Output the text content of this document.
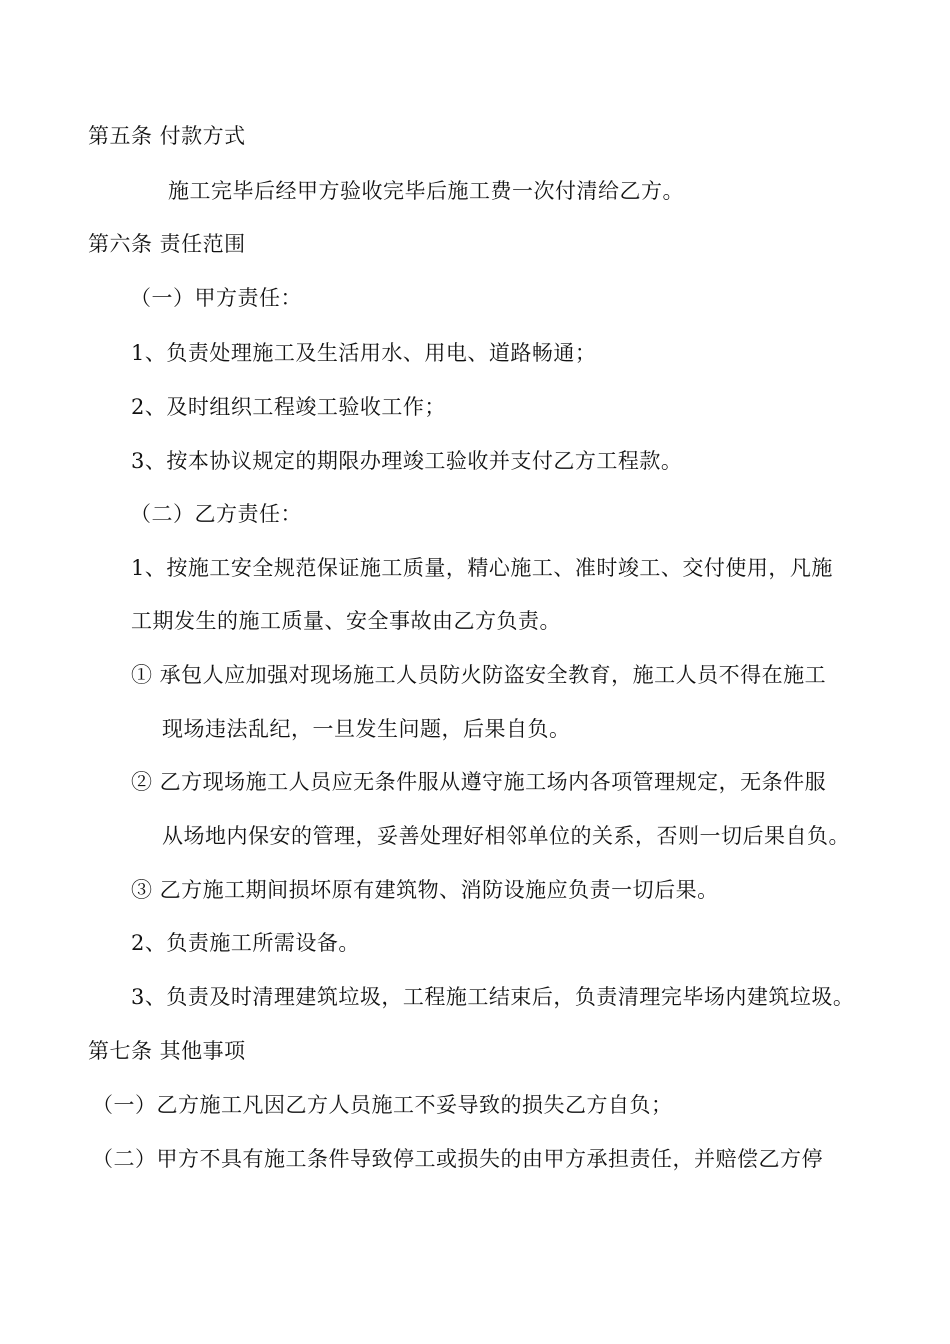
第五条 付款方式
施工完毕后经甲方验收完毕后施工费一次付清给乙方。
第六条 责任范围
（一）甲方责任：
1、负责处理施工及生活用水、用电、道路畅通；
2、及时组织工程竣工验收工作；
3、按本协议规定的期限办理竣工验收并支付乙方工程款。
（二）乙方责任：
1、按施工安全规范保证施工质量，精心施工、准时竣工、交付使用，凡施
工期发生的施工质量、安全事故由乙方负责。
① 承包人应加强对现场施工人员防火防盗安全教育，施工人员不得在施工
现场违法乱纪，一旦发生问题，后果自负。
② 乙方现场施工人员应无条件服从遵守施工场内各项管理规定，无条件服
从场地内保安的管理，妥善处理好相邻单位的关系，否则一切后果自负。
③ 乙方施工期间损坏原有建筑物、消防设施应负责一切后果。
2、负责施工所需设备。
3、负责及时清理建筑垃圾，工程施工结束后，负责清理完毕场内建筑垃圾。
第七条 其他事项
（一）乙方施工凡因乙方人员施工不妥导致的损失乙方自负；
（二）甲方不具有施工条件导致停工或损失的由甲方承担责任，并赔偿乙方停
